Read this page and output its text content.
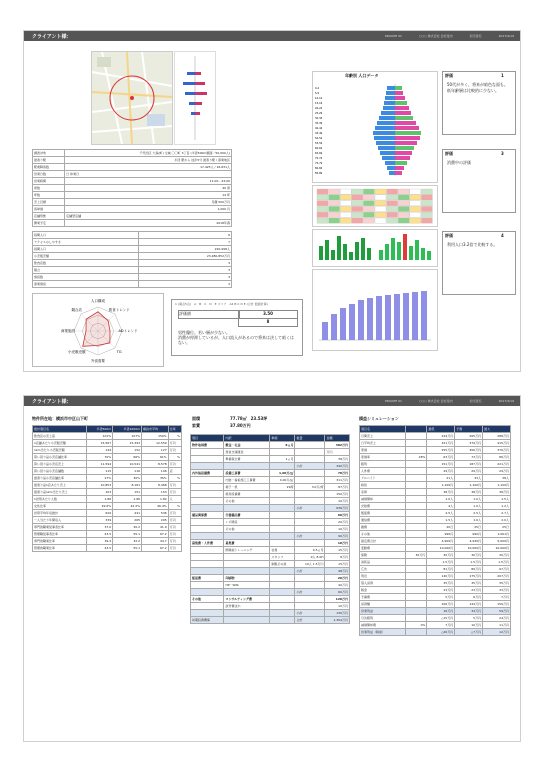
クライアント様：	PRIVATE 01	○○○ 株式会社 会社案内	担当者名	2017/4/19
調査対象	千代田区 大森(町) 全域 〇〇町 3丁目 (半径500m範囲／50,000人)
最寄り駅	半径 駅から 徒歩5分 最寄り駅 / 商業地区
駅乗降客数	17,425人 / 16,631人
営業日数	日 休業日
営業時間	11:00 - 23:00
席数	40 席
坪数	14 坪
売上目標	月額 500万円
客単価	1,000 円
店舗形態	店舗型店舗
開業予定	2018年春
昼間人口	6
アクセスのしやすさ	7
昼間人口	220,998人
小売販売額	23,480,852万円
飲食店数	3
競合	3
施設数	3
商業施設	3
人口構成
飲食トレンド
ADトレンド
TG
外食需要
小売販売額
商業施設
競合店
1 (満点5点)　A　B　C　D　E スコア　A4 B C D E (合計 数値計算)
評価値	3.50
8
男性優位。若い層が少ない。
消費が停滞しているが、人口流入があるので将来は決して暗くはない。
年齢別 人口データ
0-4
5-9
10-14
15-19
20-24
25-29
30-34
35-39
40-44
45-49
50-54
55-59
60-64
65-69
70-74
75-79
80-84
85-89
評価	1
50代が多く、将来が暗色な面も。低年齢層は比較的に少ない。
評価	3
消費中の評価
評価	4
利用人口3.2倍で比較する。
クライアント様：	PRIVATE 01	○○○ 株式会社 会社案内	担当者名	2017/4/19
物件所在地：横浜市中区山下町
統計項目名	半径500m	半径1000m	横浜市平均	比率
飲食店の売上高	101%	107%	150%	%
1店舗あたり小売販売額	15,567	15,393	12,559	万円
1km当たり小売販売額	144	152	127	万円
買い回り品小売店舗比率	70%	66%	61%	%
買い回り品小売店売上	11,594	10,541	8,578	万円
買い回り品小売店舗数	115	116	106	店
最寄り品小売店舗比率	27%	30%	35%	%
最寄り品1店あたり売上	10,853	8,161	8,468	万円
最寄り品1km当たり売上	103	151	153	万円
1世帯あたり人数	1.86	1.66	1.82	人
女性比率	49.6%	42.2%	46.4%	%
世帯平均年収推計	629	441	536	万円
一人当たり年間収入	339	265	295	万円
専門的職業従事者比率	37.0	30.2	41.9	万円
管理職従事者比率	43.5	55.1	67.2	万円
専門的職業比率	39.4	32.2	44.7	万円
管理的職業比率	43.5	55.1	67.2	万円
面積	77.78㎡　23.53坪
家賃	37.80万円
項目	内訳	単価	数量	金額
物件取得費	敷金・礼金	8ヵ月		302万円
	居抜き譲渡金			万円
	準備保全費	1ヵ月		38万円
			小計	340万円
内外装設備費	設備工事費	1,00万/㎡		78万円
	内装・看板施工工事費	4.00万/㎡		311万円
	椅子・机	29席	3.0万/席	87万円
	厨房設備費			150万円
	その他			10万円
			小計	636万円
備品関係費	什器備品費			60万円
	レジ関係			20万円
	その他			10万円
			小計	90万円
募集費・人件費	募集費			10万円
	開業前トレーニング	社員	0.5ヵ月	15万円
		スタッフ	9人 8.0H	8万円
		制服その他	10人 1.5万円	15万円
			小計	48万円
販促費	印刷物			20万円
	HP・SNS			40万円
			小計	60万円
その他	コンサルティング費			120万円
	試作費ほか			10万円
			小計	130万円
初期投資概算			合計	1,304万円
損益シミュレーション
項目名		最低	予測	最大
月間売上		244万円	265万円	288万円
日平均売上		321万円	379万円	415万円
原価		255万円	306万円	376万円
原価率	28%	63万円	73万円	86万円
粗利		151万円	187万円	221万円
人件費		29万円	29万円	29万円
アルバイト		21人	33人	38人
時給		1,100円	1,100円	1,100円
家賃		38万円	38万円	38万円
減価償却		1.0人	1.0人	1.5人
光熱費		4人	1.0人	1.2人
販促費		2.5人	2.5人	2.7人
通信費		1.5人	1.6人	2.0人
雑費		20日	25日	25日
その他		990円	990円	1,061円
固定費合計		4,900円	4,930円	5,000円
変動費		10,000円	10,000円	10,000円
保険	30万円	30万円	30万円	30万円
消耗品		1.5万円	1.5万円	1.5万円
広告		81万円	89万円	97万円
利息		140万円	175万円	207万円
借入返済		35万円	35万円	35万円
税金		23万円	23万円	33万円
予備費		5万円	6万円	7万円
返済額		106万円	144万円	156万円
営業利益		16万円	34万円	59万円
月次粗利		△15万円	5万円	24万円
減価償却費	0%	7万円	10万円	11万円
営業利益（税前）		△26万円	△7万円	12万円
